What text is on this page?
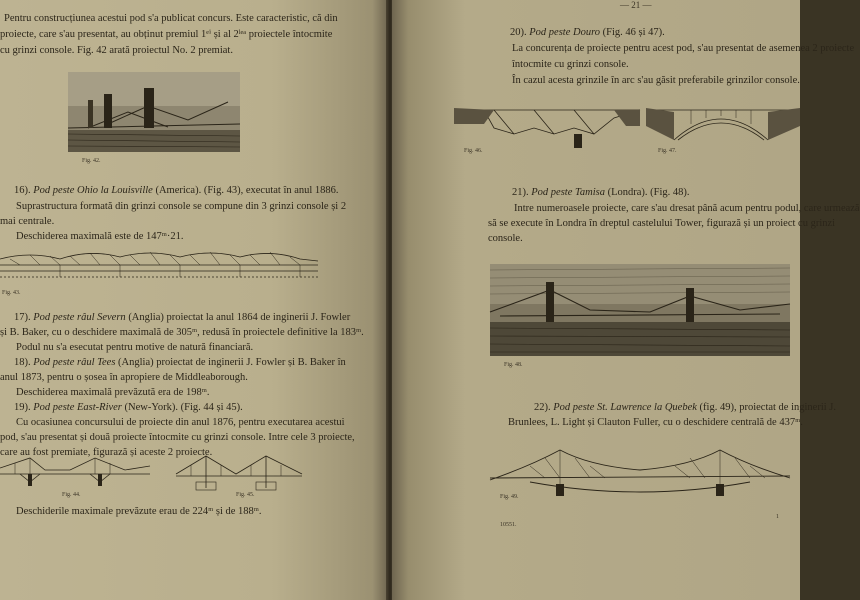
Pentru construcțiunea acestui pod s'a publicat concurs. Este caracteristic, că din
proiecte, care s'au presentat, au obținut premiul 1ᵉⁱ și al 2ˡᵉᵃ proiectele întocmite
cu grinzi console. Fig. 42 arată proiectul No. 2 premiat.
Fig. 42.
16). Pod peste Ohio la Louisville (America). (Fig. 43), executat în anul 1886.
Suprastructura formată din grinzi console se compune din 3 grinzi console și 2
mai centrale.
Deschiderea maximală este de 147ᵐ·21.
Fig. 43.
17). Pod peste râul Severn (Anglia) proiectat la anul 1864 de inginerii J. Fowler
și B. Baker, cu o deschidere maximală de 305ᵐ, redusă în proiectele definitive la 183ᵐ.
Podul nu s'a esecutat pentru motive de natură financiară.
18). Pod peste râul Tees (Anglia) proiectat de inginerii J. Fowler și B. Baker în
anul 1873, pentru o șosea în apropiere de Middleaborough.
Deschiderea maximală prevăzută era de 198ᵐ.
19). Pod peste East-River (New-York). (Fig. 44 și 45).
Cu ocasiunea concursului de proiecte din anul 1876, pentru executarea acestui
pod, s'au presentat și două proiecte întocmite cu grinzi console. Intre cele 3 proiecte,
care au fost premiate, figurază și aceste 2 proiecte.
Fig. 44.	Fig. 45.
Deschiderile maximale prevăzute erau de 224ᵐ și de 188ᵐ.
— 21 —
20). Pod peste Douro (Fig. 46 și 47).
La concurența de proiecte pentru acest pod, s'au presentat de asemenea 2 proiecte
întocmite cu grinzi console.
În cazul acesta grinzile în arc s'au găsit preferabile grinzilor console.
Fig. 46.	Fig. 47.
21). Pod peste Tamisa (Londra). (Fig. 48).
Intre numeroasele proiecte, care s'au dresat până acum pentru podul, care urmează
să se execute în Londra în dreptul castelului Tower, figurază și un proiect cu grinzi
console.
Fig. 48.
22). Pod peste St. Lawrence la Quebek (fig. 49), proiectat de inginerii J.
Brunlees, L. Light și Clauton Fuller, cu o deschidere centrală de 437ᵐ.
Fig. 49.
10551.
1
